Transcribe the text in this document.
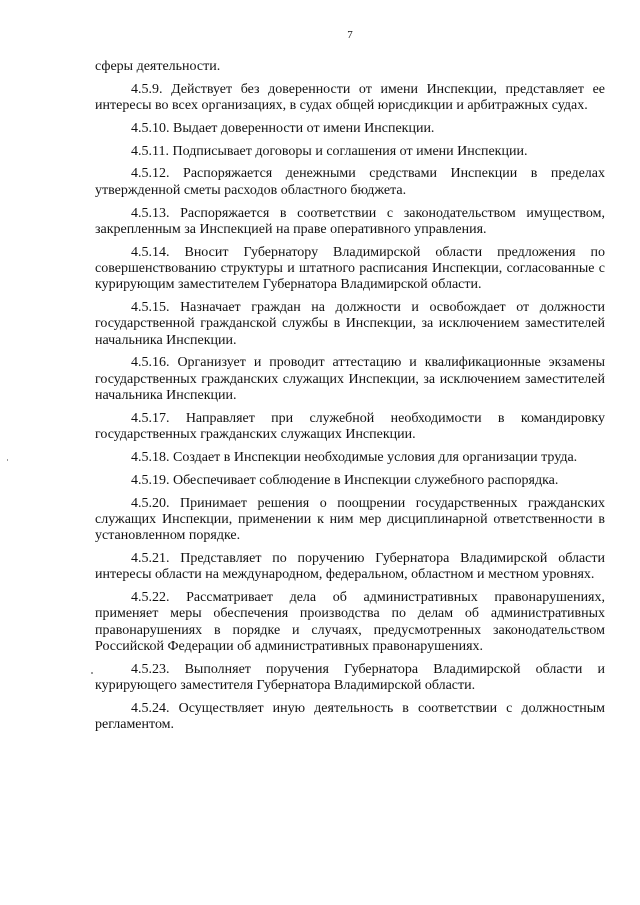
7

сферы деятельности.

4.5.9. Действует без доверенности от имени Инспекции, представляет ее интересы во всех организациях, в судах общей юрисдикции и арбитражных судах.

4.5.10. Выдает доверенности от имени Инспекции.

4.5.11. Подписывает договоры и соглашения от имени Инспекции.

4.5.12. Распоряжается денежными средствами Инспекции в пределах утвержденной сметы расходов областного бюджета.

4.5.13. Распоряжается в соответствии с законодательством имуществом, закрепленным за Инспекцией на праве оперативного управления.

4.5.14. Вносит Губернатору Владимирской области предложения по совершенствованию структуры и штатного расписания Инспекции, согласованные с курирующим заместителем Губернатора Владимирской области.

4.5.15. Назначает граждан на должности и освобождает от должности государственной гражданской службы в Инспекции, за исключением заместителей начальника Инспекции.

4.5.16. Организует и проводит аттестацию и квалификационные экзамены государственных гражданских служащих Инспекции, за исключением заместителей начальника Инспекции.

4.5.17. Направляет при служебной необходимости в командировку государственных гражданских служащих Инспекции.

4.5.18. Создает в Инспекции необходимые условия для организации труда.

4.5.19. Обеспечивает соблюдение в Инспекции служебного распорядка.

4.5.20. Принимает решения о поощрении государственных гражданских служащих Инспекции, применении к ним мер дисциплинарной ответственности в установленном порядке.

4.5.21. Представляет по поручению Губернатора Владимирской области интересы области на международном, федеральном, областном и местном уровнях.

4.5.22. Рассматривает дела об административных правонарушениях, применяет меры обеспечения производства по делам об административных правонарушениях в порядке и случаях, предусмотренных законодательством Российской Федерации об административных правонарушениях.

4.5.23. Выполняет поручения Губернатора Владимирской области и курирующего заместителя Губернатора Владимирской области.

4.5.24. Осуществляет иную деятельность в соответствии с должностным регламентом.
